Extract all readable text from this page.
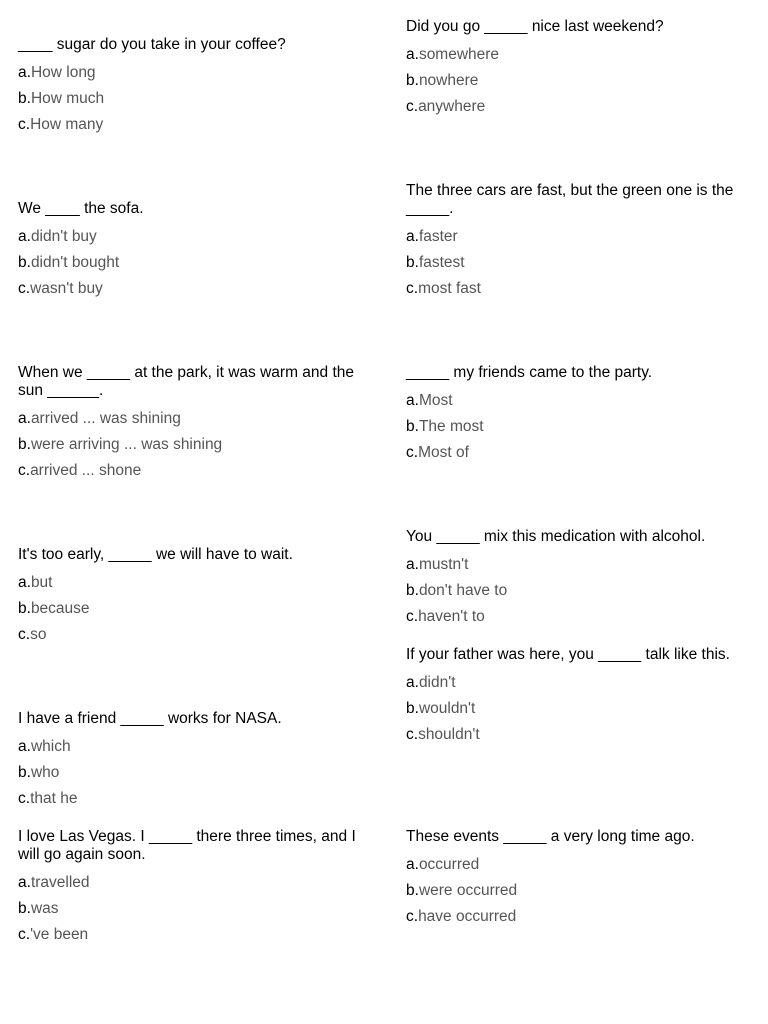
____ sugar do you take in your coffee?
a.How long
b.How much
c.How many
Did you go _____ nice last weekend?
a.somewhere
b.nowhere
c.anywhere
We ____ the sofa.
a.didn't buy
b.didn't bought
c.wasn't buy
The three cars are fast, but the green one is the _____.
a.faster
b.fastest
c.most fast
When we _____ at the park, it was warm and the sun ______.
a.arrived ... was shining
b.were arriving ... was shining
c.arrived ... shone
_____ my friends came to the party.
a.Most
b.The most
c.Most of
It's too early, _____ we will have to wait.
a.but
b.because
c.so
You _____ mix this medication with alcohol.
a.mustn't
b.don't have to
c.haven't to
If your father was here, you _____ talk like this.
a.didn't
b.wouldn't
c.shouldn't
I have a friend _____ works for NASA.
a.which
b.who
c.that he
I love Las Vegas. I _____ there three times, and I will go again soon.
a.travelled
b.was
c.'ve been
These events _____ a very long time ago.
a.occurred
b.were occurred
c.have occurred
